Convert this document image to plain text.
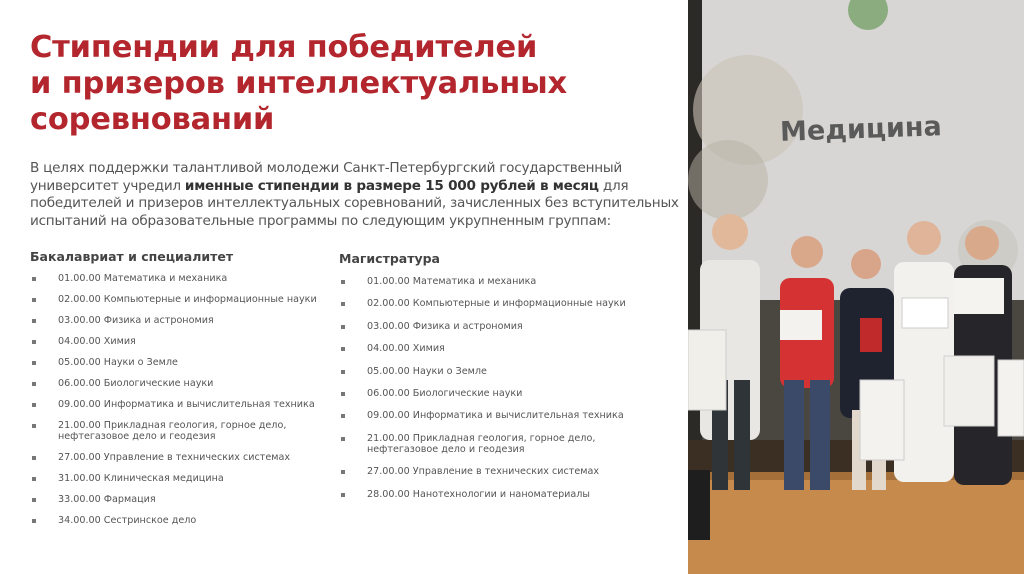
Стипендии для победителей
и призеров интеллектуальных
соревнований

В целях поддержки талантливой молодежи Санкт-Петербургский государственный университет учредил именные стипендии в размере 15 000 рублей в месяц для победителей и призеров интеллектуальных соревнований, зачисленных без вступительных испытаний на образовательные программы по следующим укрупненным группам:

Бакалавриат и специалитет
01.00.00 Математика и механика
02.00.00 Компьютерные и информационные науки
03.00.00 Физика и астрономия
04.00.00 Химия
05.00.00 Науки о Земле
06.00.00 Биологические науки
09.00.00 Информатика и вычислительная техника
21.00.00 Прикладная геология, горное дело, нефтегазовое дело и геодезия
27.00.00 Управление в технических системах
31.00.00 Клиническая медицина
33.00.00 Фармация
34.00.00 Сестринское дело
Магистратура
01.00.00 Математика и механика
02.00.00 Компьютерные и информационные науки
03.00.00 Физика и астрономия
04.00.00 Химия
05.00.00 Науки о Земле
06.00.00 Биологические науки
09.00.00 Информатика и вычислительная техника
21.00.00 Прикладная геология, горное дело, нефтегазовое дело и геодезия
27.00.00 Управление в технических системах
28.00.00 Нанотехнологии и наноматериалы
Медицина
